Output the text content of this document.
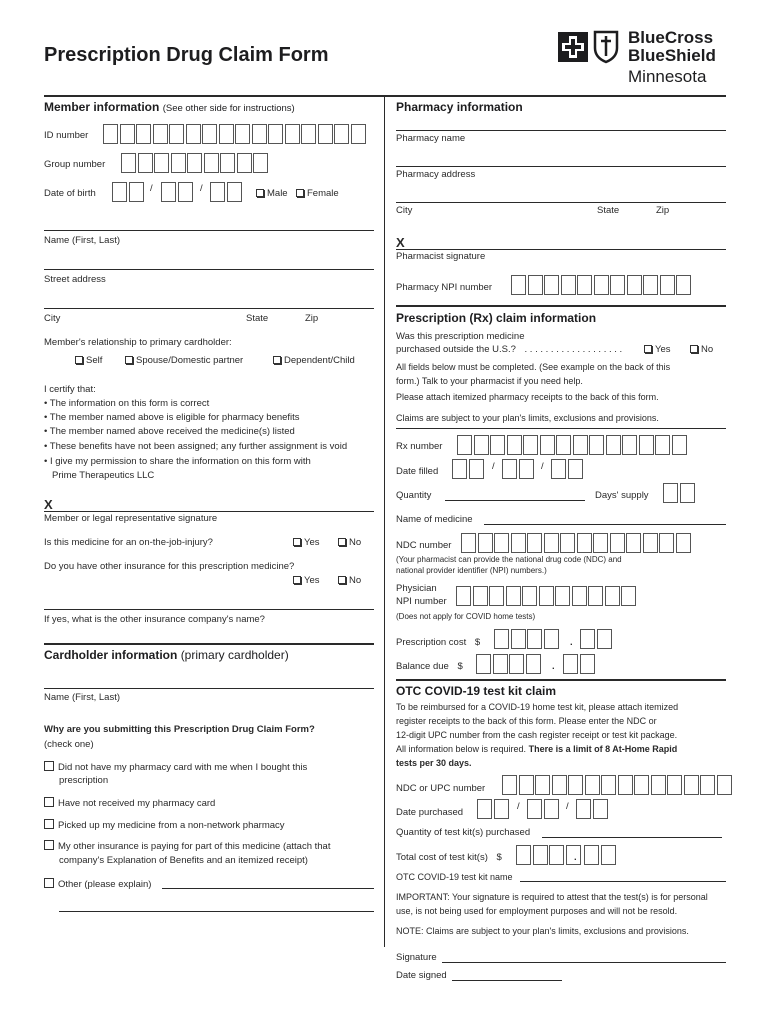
Prescription Drug Claim Form
BlueCross
BlueShield
Minnesota
Member information (See other side for instructions)
ID number
Group number
Date of birth	/	/	Male	Female
Name (First, Last)
Street address
City	State	Zip
Member's relationship to primary cardholder:
Self	Spouse/Domestic partner	Dependent/Child
I certify that:
• The information on this form is correct
• The member named above is eligible for pharmacy benefits
• The member named above received the medicine(s) listed
• These benefits have not been assigned; any further assignment is void
• I give my permission to share the information on this form with
Prime Therapeutics LLC
X
Member or legal representative signature
Is this medicine for an on-the-job-injury?	Yes	No
Do you have other insurance for this prescription medicine?
Yes	No
If yes, what is the other insurance company's name?
Cardholder information (primary cardholder)
Name (First, Last)
Why are you submitting this Prescription Drug Claim Form?
(check one)
Did not have my pharmacy card with me when I bought this
prescription
Have not received my pharmacy card
Picked up my medicine from a non-network pharmacy
My other insurance is paying for part of this medicine (attach that
company's Explanation of Benefits and an itemized receipt)
Other (please explain)
Pharmacy information
Pharmacy name
Pharmacy address
City	State	Zip
X
Pharmacist signature
Pharmacy NPI number
Prescription (Rx) claim information
Was this prescription medicine
purchased outside the U.S.? . . . . . . . . . . . . . . . . . . .	Yes	No
All fields below must be completed. (See example on the back of this
form.) Talk to your pharmacist if you need help.
Please attach itemized pharmacy receipts to the back of this form.
Claims are subject to your plan's limits, exclusions and provisions.
Rx number
Date filled	/	/
Quantity	Days' supply
Name of medicine
NDC number
(Your pharmacist can provide the national drug code (NDC) and
national provider identifier (NPI) numbers.)
Physician
NPI number
(Does not apply for COVID home tests)
Prescription cost $	.
Balance due $	.
OTC COVID-19 test kit claim
To be reimbursed for a COVID-19 home test kit, please attach itemized
register receipts to the back of this form. Please enter the NDC or
12-digit UPC number from the cash register receipt or test kit package.
All information below is required. There is a limit of 8 At-Home Rapid
tests per 30 days.
NDC or UPC number
Date purchased
/	/
Quantity of test kit(s) purchased
Total cost of test kit(s) $	.
OTC COVID-19 test kit name
IMPORTANT: Your signature is required to attest that the test(s) is for personal
use, is not being used for employment purposes and will not be resold.
NOTE: Claims are subject to your plan's limits, exclusions and provisions.
Signature
Date signed
